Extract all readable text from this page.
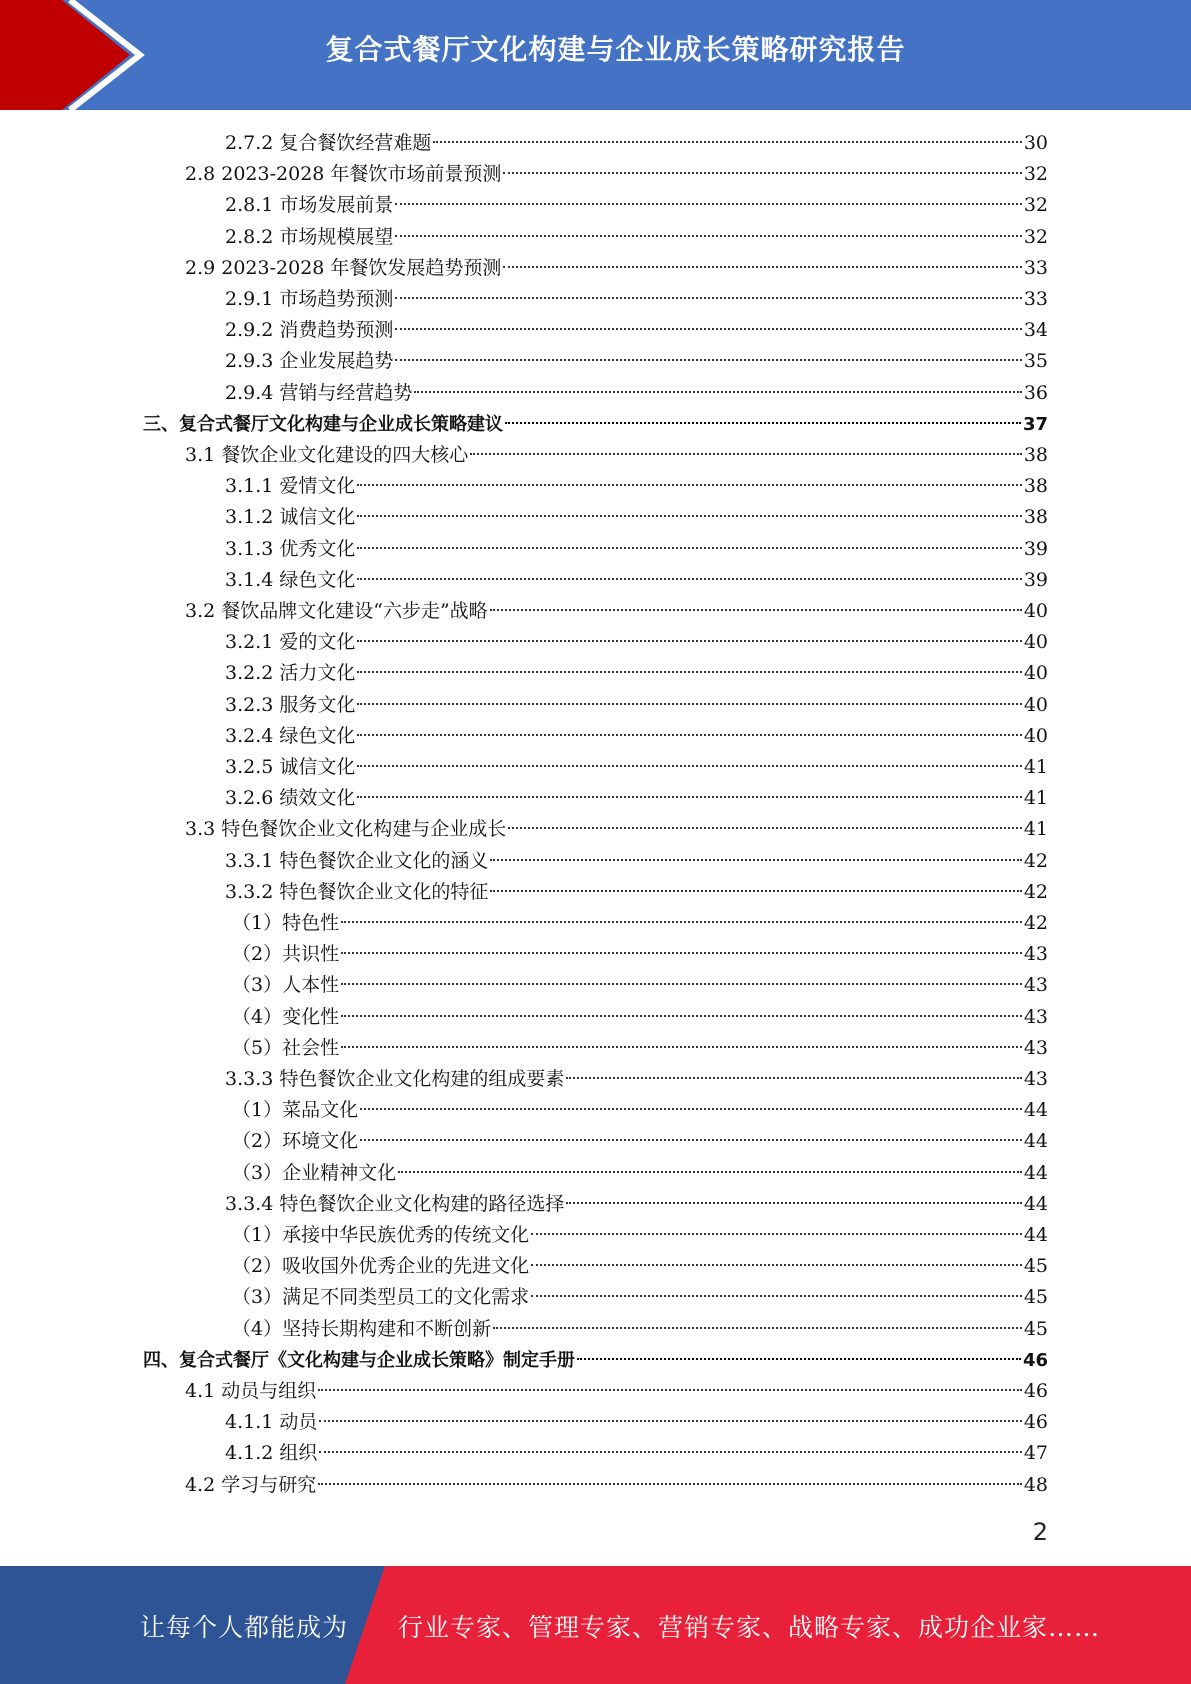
复合式餐厅文化构建与企业成长策略研究报告
2.7.2 复合餐饮经营难题	30
2.8 2023-2028 年餐饮市场前景预测	32
2.8.1 市场发展前景	32
2.8.2 市场规模展望	32
2.9 2023-2028 年餐饮发展趋势预测	33
2.9.1 市场趋势预测	33
2.9.2 消费趋势预测	34
2.9.3 企业发展趋势	35
2.9.4 营销与经营趋势	36
三、复合式餐厅文化构建与企业成长策略建议	37
3.1 餐饮企业文化建设的四大核心	38
3.1.1 爱情文化	38
3.1.2 诚信文化	38
3.1.3 优秀文化	39
3.1.4 绿色文化	39
3.2 餐饮品牌文化建设“六步走”战略	40
3.2.1 爱的文化	40
3.2.2 活力文化	40
3.2.3 服务文化	40
3.2.4 绿色文化	40
3.2.5 诚信文化	41
3.2.6 绩效文化	41
3.3 特色餐饮企业文化构建与企业成长	41
3.3.1 特色餐饮企业文化的涵义	42
3.3.2 特色餐饮企业文化的特征	42
（1）特色性	42
（2）共识性	43
（3）人本性	43
（4）变化性	43
（5）社会性	43
3.3.3 特色餐饮企业文化构建的组成要素	43
（1）菜品文化	44
（2）环境文化	44
（3）企业精神文化	44
3.3.4 特色餐饮企业文化构建的路径选择	44
（1）承接中华民族优秀的传统文化	44
（2）吸收国外优秀企业的先进文化	45
（3）满足不同类型员工的文化需求	45
（4）坚持长期构建和不断创新	45
四、复合式餐厅《文化构建与企业成长策略》制定手册	46
4.1 动员与组织	46
4.1.1 动员	46
4.1.2 组织	47
4.2 学习与研究	48
2
让每个人都能成为 行业专家、管理专家、营销专家、战略专家、成功企业家……
